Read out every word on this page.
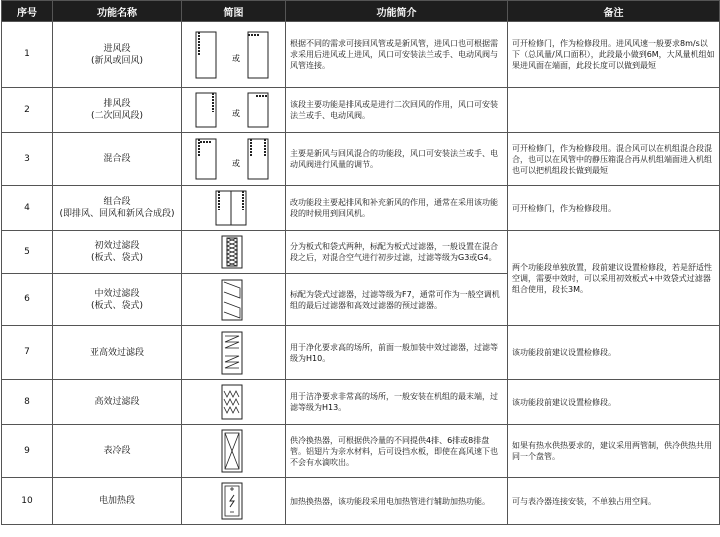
序号	功能名称	简图	功能简介	备注
1	进风段
(新风或回风)	或	根据不同的需求可接回风管或是新风管，进风口也可根据需求采用后进风或上进风，风口可安装法兰或手、电动风阀与风管连接。	可开检修门，作为检修段用。进风风速一般要求8m/s以下（总风量/风口面积），此段最小做到6M，大风量机组如果进风面在端面，此段长度可以做到最短
2	排风段
(二次回风段)	或	该段主要功能是排风或是进行二次回风的作用，风口可安装法兰或手、电动风阀。	
3	混合段	或	主要是新风与回风混合的功能段，风口可安装法兰或手、电动风阀进行风量的调节。	可开检修门，作为检修段用。混合风可以在机组混合段混合，也可以在风管中的静压箱混合再从机组端面进入机组也可以把机组段长做到最短
4	组合段
(即排风、回风和新风合成段)		改功能段主要起排风和补充新风的作用，通常在采用该功能段的时候用到回风机。	可开检修门，作为检修段用。
5	初效过滤段
(板式、袋式)		分为板式和袋式两种，标配为板式过滤器，一般设置在混合段之后，对混合空气进行初步过滤，过滤等级为G3或G4。	两个功能段单独放置，段前建议设置检修段，若是舒适性空调，需要中效时，可以采用初效板式+中效袋式过滤器组合使用，段长3M。
6	中效过滤段
(板式、袋式)		标配为袋式过滤器，过滤等级为F7，通常可作为一般空调机组的最后过滤器和高效过滤器的预过滤器。	
7	亚高效过滤段		用于净化要求高的场所，前面一般加装中效过滤器，过滤等级为H10。	该功能段前建议设置检修段。
8	高效过滤段		用于洁净要求非常高的场所，一般安装在机组的最末端，过滤等级为H13。	该功能段前建议设置检修段。
9	表冷段		供冷换热器，可根据供冷量的不同提供4排、6排或8排盘管。铝翅片为亲水材料，后可设挡水板，即使在高风速下也不会有水滴吹出。	如果有热水供热要求的，建议采用两管制，供冷供热共用同一个盘管。
10	电加热段		加热换热器，该功能段采用电加热管进行辅助加热功能。	可与表冷器连接安装，不单独占用空间。
